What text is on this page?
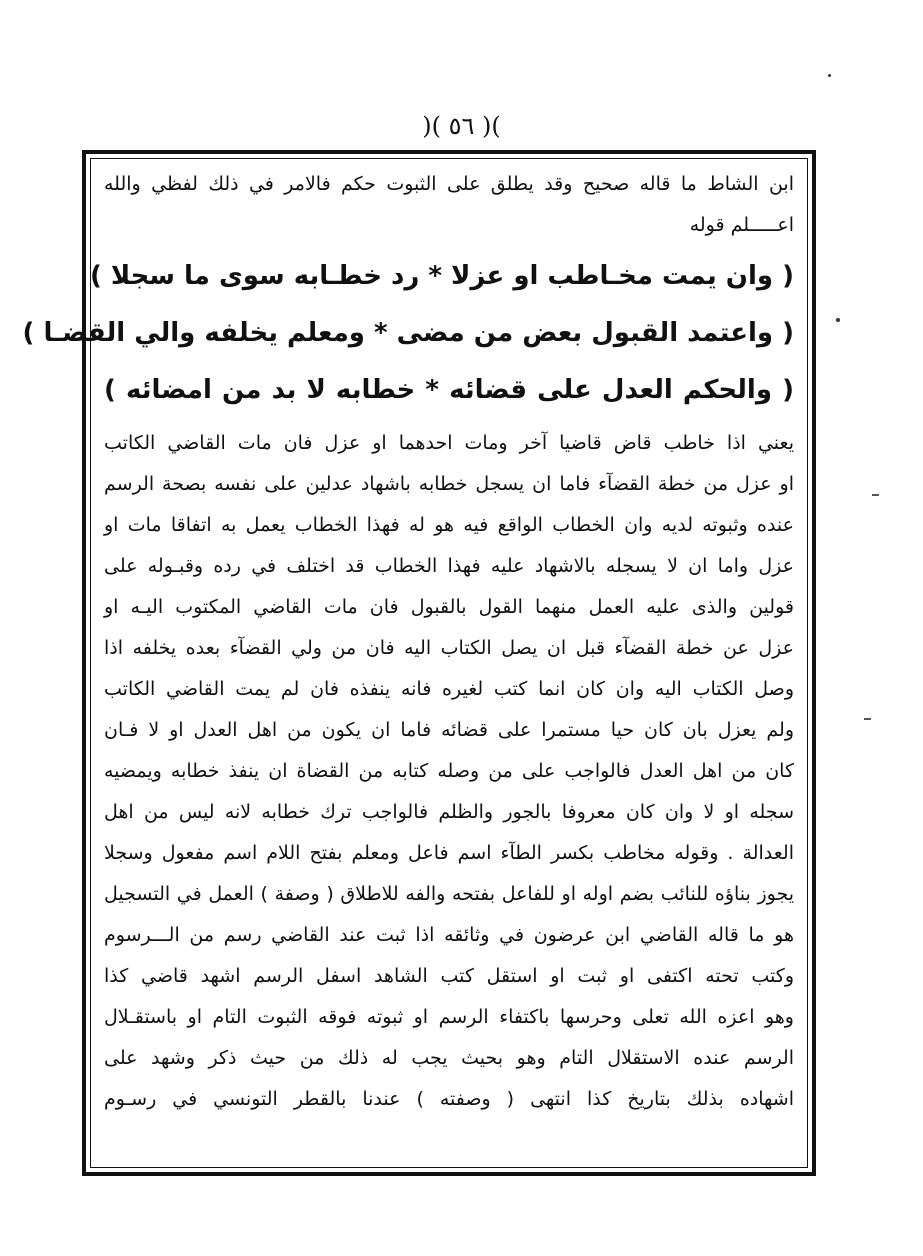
)( ٥٦ )(
ابن الشاط ما قاله صحيح وقد يطلق على الثبوت حكم فالامر في ذلك لفظي والله
اعـــــلم قوله
( وان يمت مخـاطب او عزلا * رد خطـابه سوى ما سجلا )
( واعتمد القبول بعض من مضى * ومعلم يخلفه والي القضـا )
( والحكم العدل على قضائه * خطابه لا بد من امضائه )
يعني اذا خاطب قاض قاضيا آخر ومات احدهما او عزل فان مات القاضي الكاتب
او عزل من خطة القضآء فاما ان يسجل خطابه باشهاد عدلين على نفسه بصحة الرسم
عنده وثبوته لديه وان الخطاب الواقع فيه هو له فهذا الخطاب يعمل به اتفاقا مات او
عزل واما ان لا يسجله بالاشهاد عليه فهذا الخطاب قد اختلف في رده وقبـوله على
قولين والذى عليه العمل منهما القول بالقبول فان مات القاضي المكتوب اليـه او
عزل عن خطة القضآء قبل ان يصل الكتاب اليه فان من ولي القضآء بعده يخلفه اذا
وصل الكتاب اليه وان كان انما كتب لغيره فانه ينفذه فان لم يمت القاضي الكاتب
ولم يعزل بان كان حيا مستمرا على قضائه فاما ان يكون من اهل العدل او لا فـان
كان من اهل العدل فالواجب على من وصله كتابه من القضاة ان ينفذ خطابه ويمضيه
سجله او لا وان كان معروفا بالجور والظلم فالواجب ترك خطابه لانه ليس من اهل
العدالة . وقوله مخاطب بكسر الطآء اسم فاعل ومعلم بفتح اللام اسم مفعول وسجلا
يجوز بناؤه للنائب بضم اوله او للفاعل بفتحه والفه للاطلاق ( وصفة ) العمل في التسجيل
هو ما قاله القاضي ابن عرضون في وثائقه اذا ثبت عند القاضي رسم من الـــرسوم
وكتب تحته اكتفى او ثبت او استقل كتب الشاهد اسفل الرسم اشهد قاضي كذا
وهو اعزه الله تعلى وحرسها باكتفاء الرسم او ثبوته فوقه الثبوت التام او باستقـلال
الرسم عنده الاستقلال التام وهو بحيث يجب له ذلك من حيث ذكر وشهد على
اشهاده بذلك بتاريخ كذا انتهى ( وصفته ) عندنا بالقطر التونسي في رسـوم
